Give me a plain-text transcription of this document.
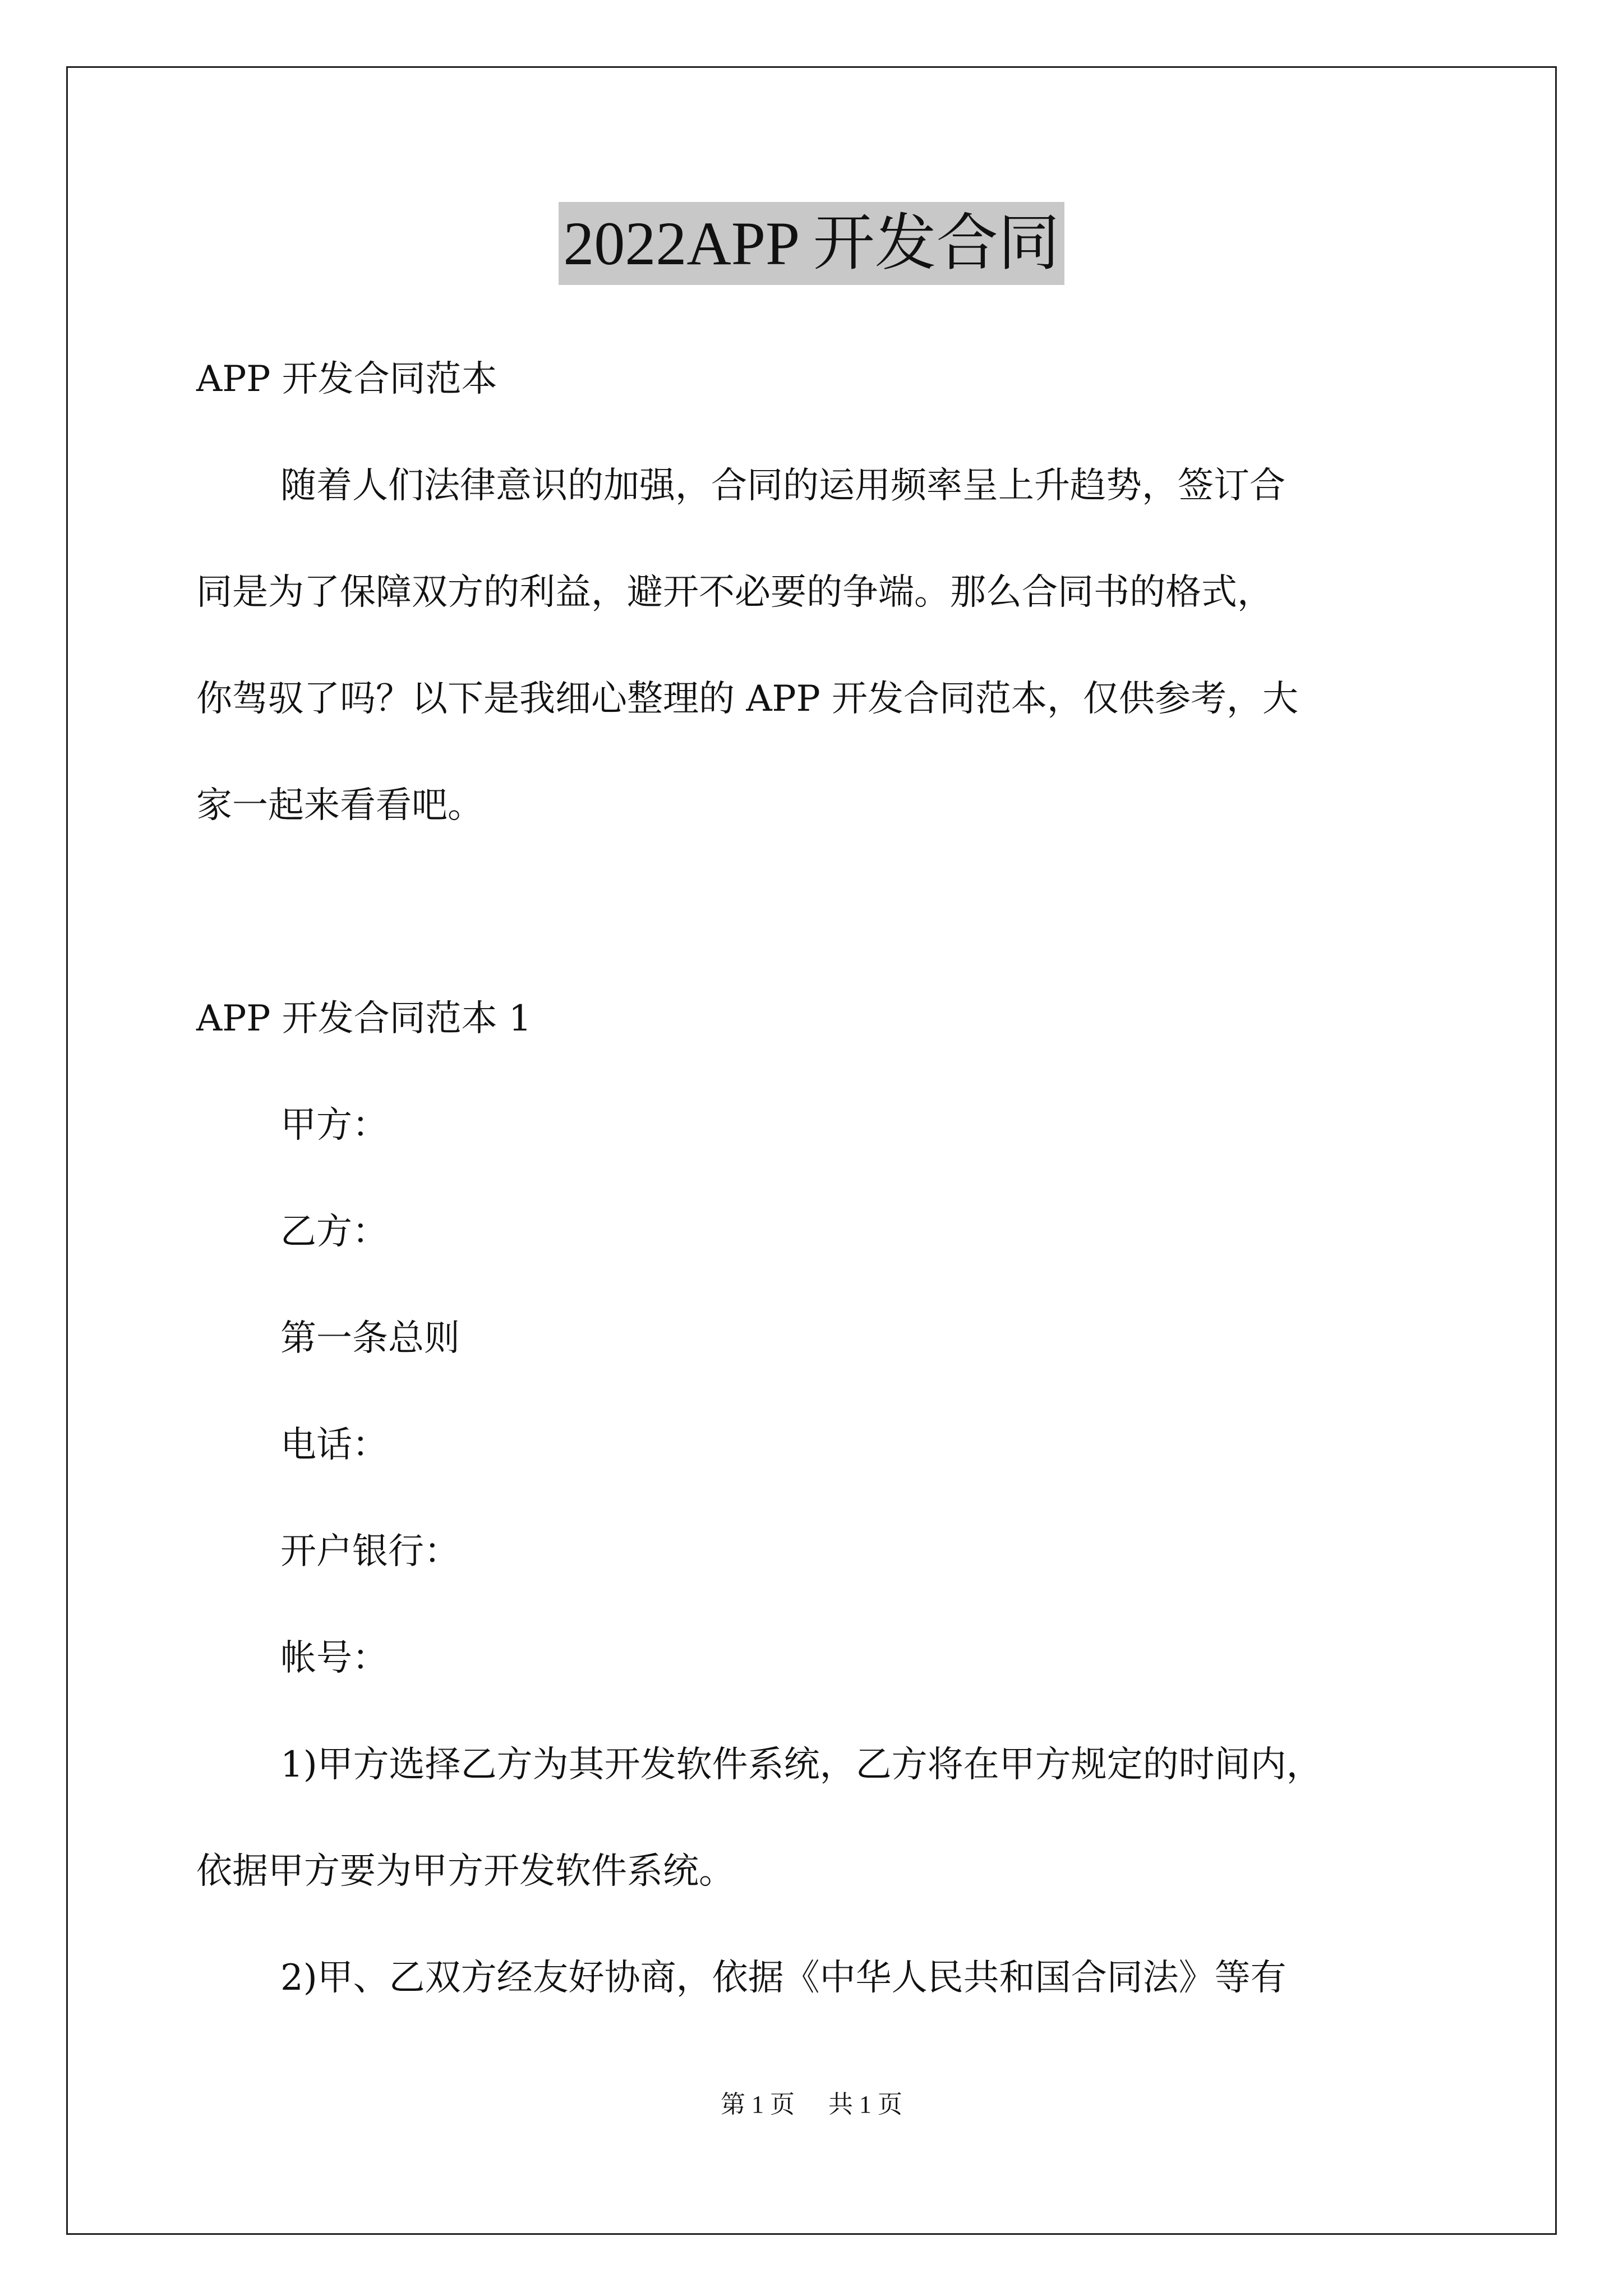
2022APP 开发合同
APP 开发合同范本
随着人们法律意识的加强，合同的运用频率呈上升趋势，签订合
同是为了保障双方的利益，避开不必要的争端。那么合同书的格式，
你驾驭了吗？以下是我细心整理的 APP 开发合同范本，仅供参考，大
家一起来看看吧。
APP 开发合同范本 1
甲方：
乙方：
第一条总则
电话：
开户银行：
帐号：
1)甲方选择乙方为其开发软件系统，乙方将在甲方规定的时间内，
依据甲方要为甲方开发软件系统。
2)甲、乙双方经友好协商，依据《中华人民共和国合同法》等有
第 1 页 共 1 页
